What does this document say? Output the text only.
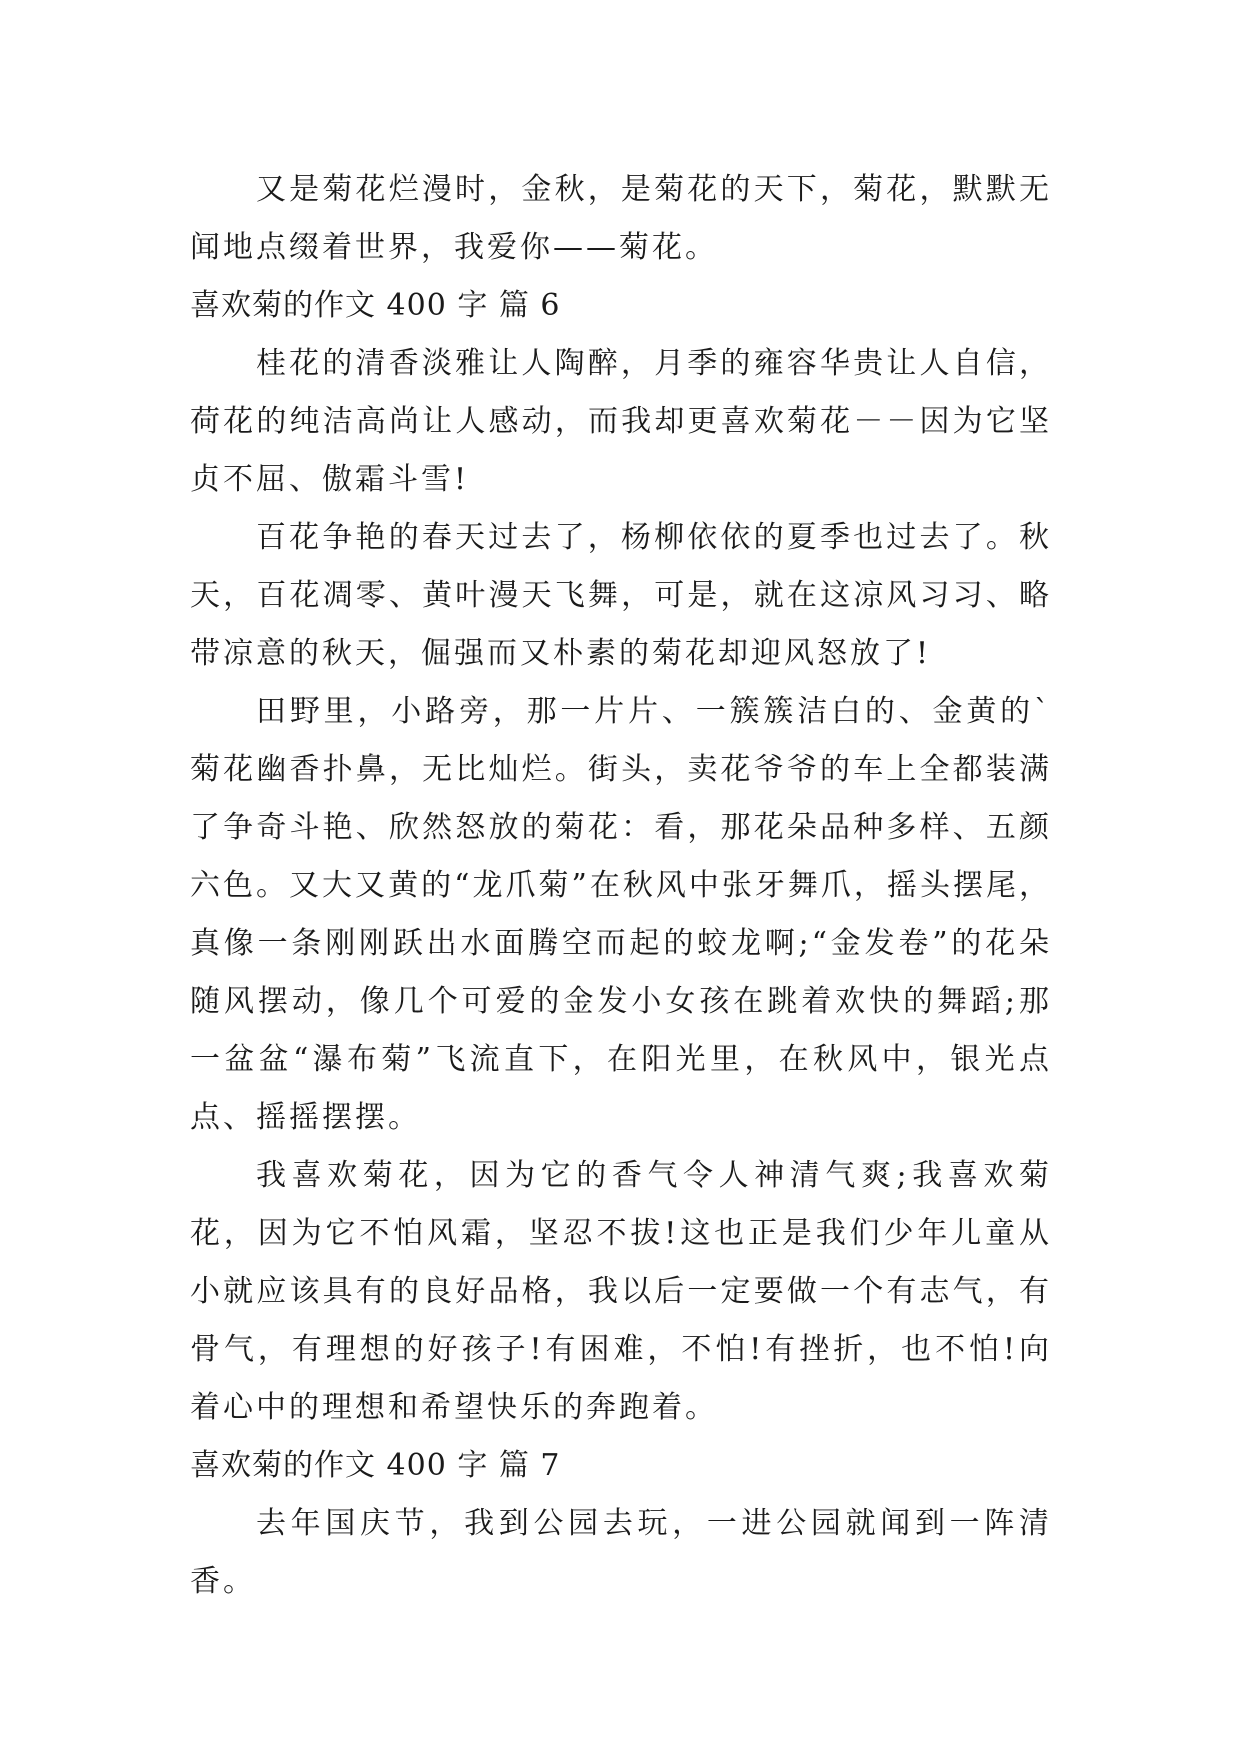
又是菊花烂漫时，金秋，是菊花的天下，菊花，默默无闻地点缀着世界，我爱你——菊花。

喜欢菊的作文 400 字 篇 6

桂花的清香淡雅让人陶醉，月季的雍容华贵让人自信，荷花的纯洁高尚让人感动，而我却更喜欢菊花－－因为它坚贞不屈、傲霜斗雪!

百花争艳的春天过去了，杨柳依依的夏季也过去了。秋天，百花凋零、黄叶漫天飞舞，可是，就在这凉风习习、略带凉意的秋天，倔强而又朴素的菊花却迎风怒放了!

田野里，小路旁，那一片片、一簇簇洁白的、金黄的`菊花幽香扑鼻，无比灿烂。街头，卖花爷爷的车上全都装满了争奇斗艳、欣然怒放的菊花：看，那花朵品种多样、五颜六色。又大又黄的“龙爪菊”在秋风中张牙舞爪，摇头摆尾，真像一条刚刚跃出水面腾空而起的蛟龙啊;“金发卷”的花朵随风摆动，像几个可爱的金发小女孩在跳着欢快的舞蹈;那一盆盆“瀑布菊”飞流直下，在阳光里，在秋风中，银光点点、摇摇摆摆。

我喜欢菊花，因为它的香气令人神清气爽;我喜欢菊花，因为它不怕风霜，坚忍不拔!这也正是我们少年儿童从小就应该具有的良好品格，我以后一定要做一个有志气，有骨气，有理想的好孩子!有困难，不怕!有挫折，也不怕!向着心中的理想和希望快乐的奔跑着。

喜欢菊的作文 400 字 篇 7

去年国庆节，我到公园去玩，一进公园就闻到一阵清香。
